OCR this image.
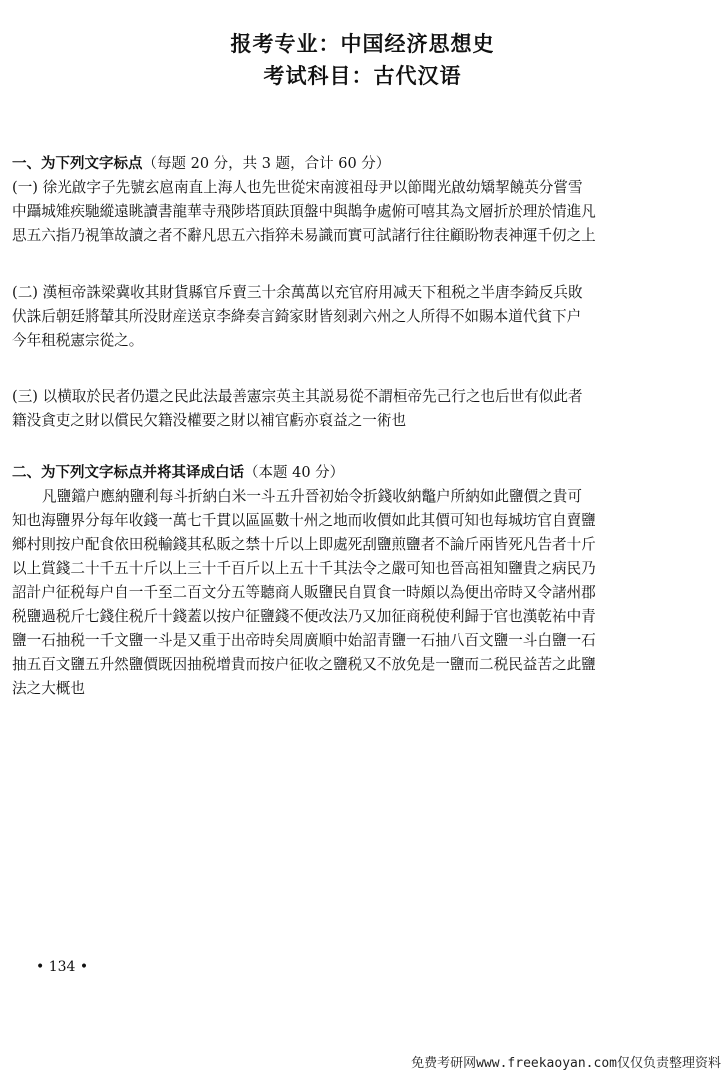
报考专业：中国经济思想史
考试科目：古代汉语
一、为下列文字标点（每题 20 分，共 3 题，合计 60 分）
(一) 徐光啟字子先號玄扈南直上海人也先世從宋南渡祖母尹以節聞光啟幼矯挈饒英分嘗雪
中躡城雉疾馳縱遠眺讀書龍華寺飛陟塔頂趺頂盤中與鵲争處俯可嘻其為文層折於理於情進凡
思五六指乃視筆故讀之者不辭凡思五六指猝未易識而實可試諸行往往顧盼物表神運千仞之上
(二) 漢桓帝誅梁冀收其財貨縣官斥賣三十余萬萬以充官府用减天下租税之半唐李錡反兵敗
伏誅后朝廷將輦其所没財産送京李絳奏言錡家財皆刻剥六州之人所得不如賜本道代貧下户
今年租税憲宗從之。
(三) 以横取於民者仍還之民此法最善憲宗英主其説易從不謂桓帝先己行之也后世有似此者
籍没貪吏之財以償民欠籍没權要之財以補官虧亦裒益之一術也
二、为下列文字标点并将其译成白话（本题 40 分）
凡鹽鐺户應納鹽利每斗折納白米一斗五升晉初始令折錢收納鼈户所納如此鹽價之貴可
知也海鹽界分每年收錢一萬七千貫以區區數十州之地而收價如此其價可知也每城坊官自賣鹽
鄉村則按户配食依田税輸錢其私販之禁十斤以上即處死刮鹽煎鹽者不論斤兩皆死凡告者十斤
以上賞錢二十千五十斤以上三十千百斤以上五十千其法令之嚴可知也晉高祖知鹽貴之病民乃
詔計户征税每户自一千至二百文分五等聽商人販鹽民自買食一時頗以為便出帝時又令諸州郡
税鹽過税斤七錢住税斤十錢蓋以按户征鹽錢不便改法乃又加征商税使利歸于官也漢乾祐中青
鹽一石抽税一千文鹽一斗是又重于出帝時矣周廣順中始詔青鹽一石抽八百文鹽一斗白鹽一石
抽五百文鹽五升然鹽價既因抽税增貴而按户征收之鹽税又不放免是一鹽而二税民益苦之此鹽
法之大概也
• 134 •
免费考研网www.freekaoyan.com仅仅负责整理资料
